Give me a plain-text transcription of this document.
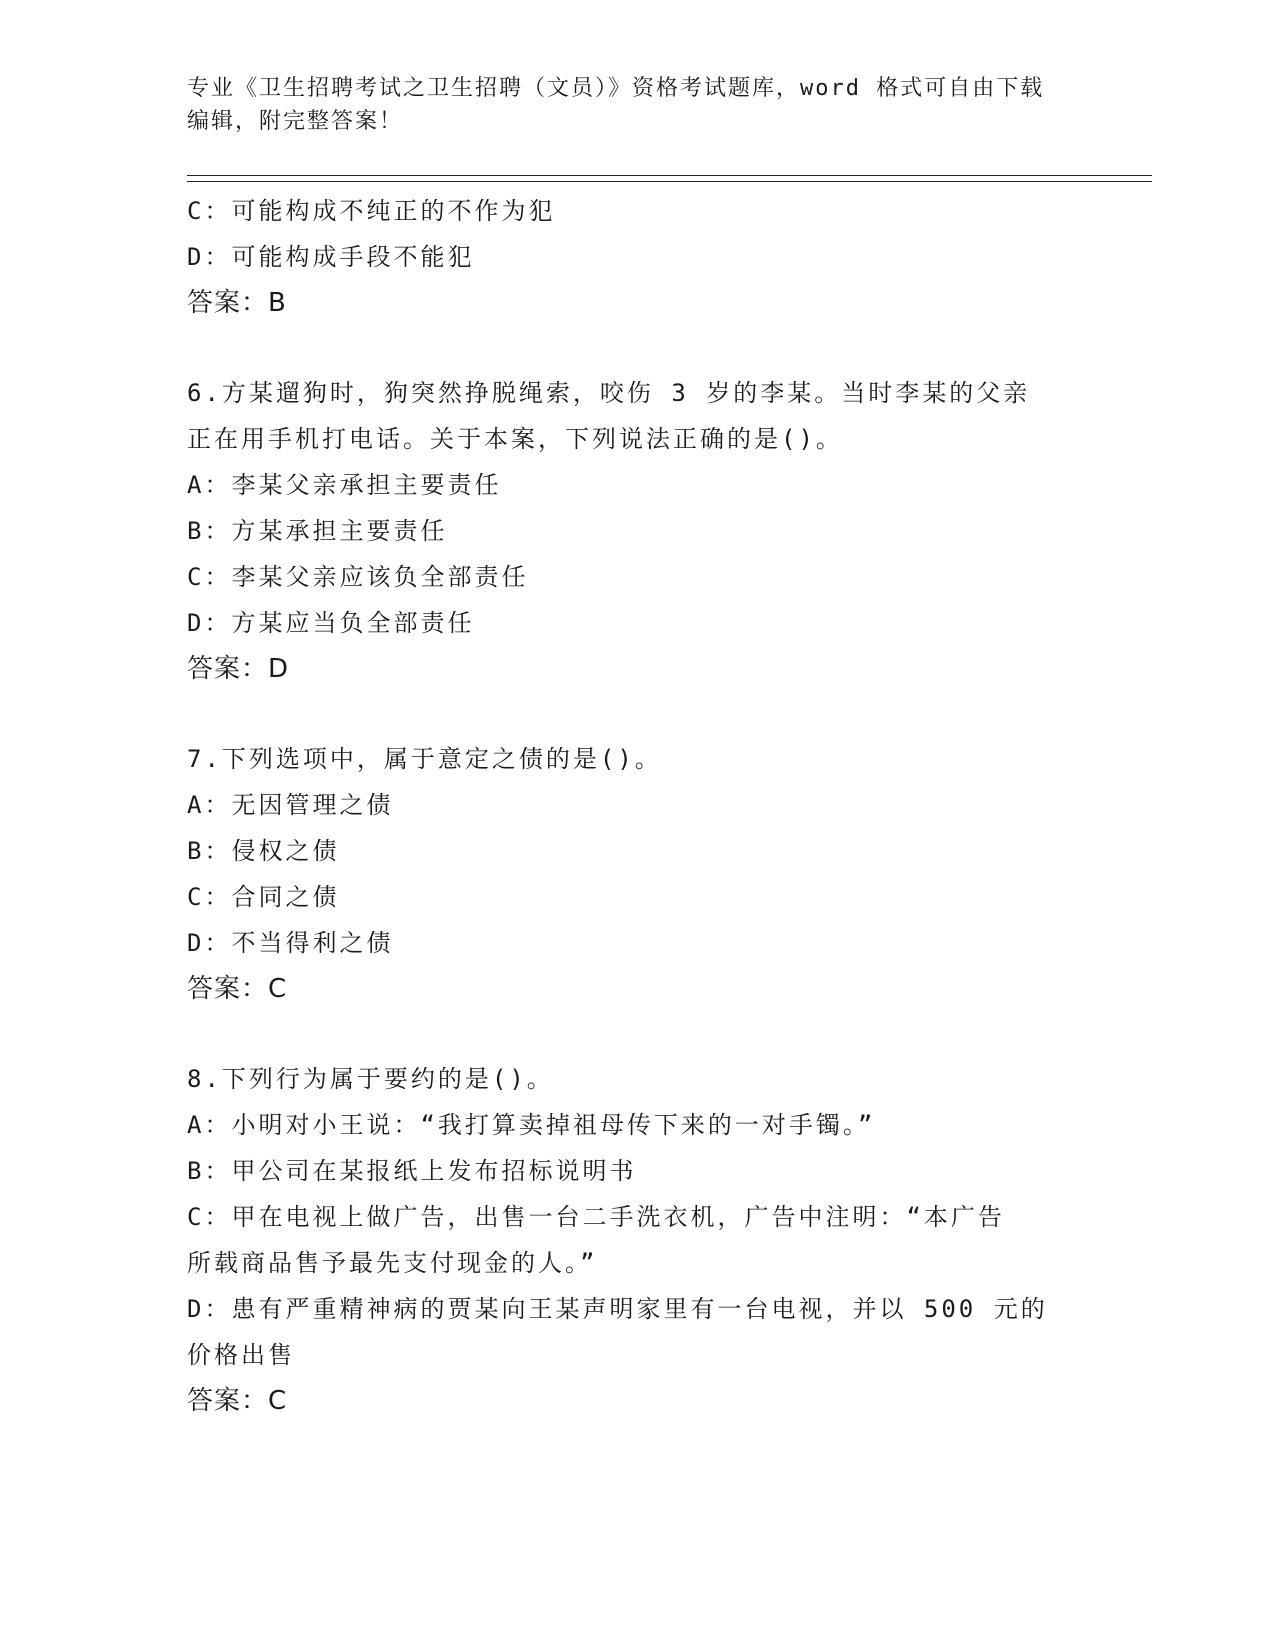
专业《卫生招聘考试之卫生招聘（文员）》资格考试题库，word 格式可自由下载
编辑，附完整答案！
C：可能构成不纯正的不作为犯
D：可能构成手段不能犯
答案：B
6.方某遛狗时，狗突然挣脱绳索，咬伤 3 岁的李某。当时李某的父亲
正在用手机打电话。关于本案，下列说法正确的是()。
A：李某父亲承担主要责任
B：方某承担主要责任
C：李某父亲应该负全部责任
D：方某应当负全部责任
答案：D
7.下列选项中，属于意定之债的是()。
A：无因管理之债
B：侵权之债
C：合同之债
D：不当得利之债
答案：C
8.下列行为属于要约的是()。
A：小明对小王说：“我打算卖掉祖母传下来的一对手镯。”
B：甲公司在某报纸上发布招标说明书
C：甲在电视上做广告，出售一台二手洗衣机，广告中注明：“本广告
所载商品售予最先支付现金的人。”
D：患有严重精神病的贾某向王某声明家里有一台电视，并以 500 元的
价格出售
答案：C
